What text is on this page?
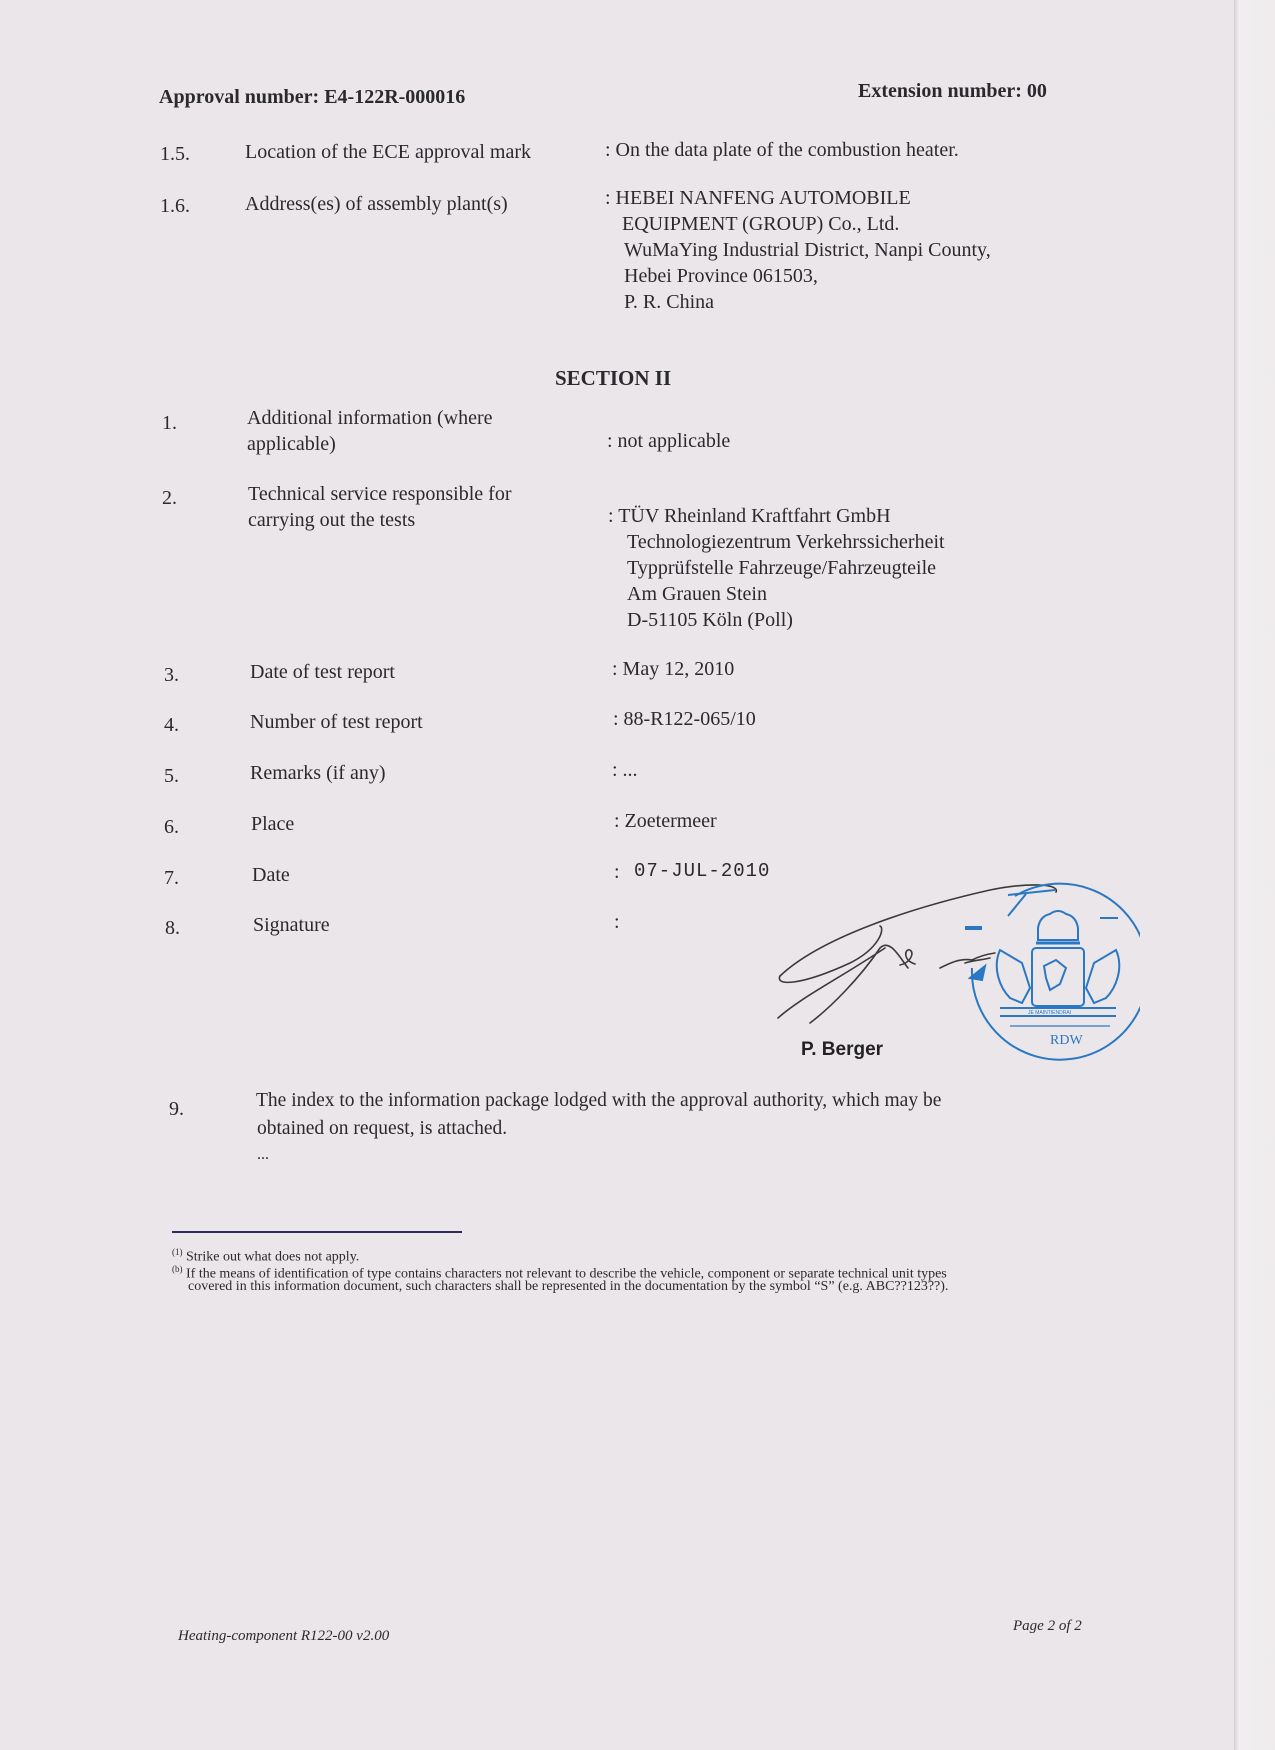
Approval number: E4-122R-000016	Extension number: 00
1.5.	Location of the ECE approval mark	: On the data plate of the combustion heater.
1.6.	Address(es) of assembly plant(s)	: HEBEI NANFENG AUTOMOBILE
EQUIPMENT (GROUP) Co., Ltd.
WuMaYing Industrial District, Nanpi County,
Hebei Province 061503,
P. R. China
SECTION II
1.	Additional information (where
applicable)	: not applicable
2.	Technical service responsible for
carrying out the tests	: TÜV Rheinland Kraftfahrt GmbH
Technologiezentrum Verkehrssicherheit
Typprüfstelle Fahrzeuge/Fahrzeugteile
Am Grauen Stein
D-51105 Köln (Poll)
3.	Date of test report	: May 12, 2010
4.	Number of test report	: 88-R122-065/10
5.	Remarks (if any)	: ...
6.	Place	: Zoetermeer
7.	Date	: 07-JUL-2010
8.	Signature	:
JE MAINTIENDRAI
RDW
P. Berger
9.	The index to the information package lodged with the approval authority, which may be
obtained on request, is attached.
...
$^{(1)}$ Strike out what does not apply.
$^{(b)}$ If the means of identification of type contains characters not relevant to describe the vehicle, component or separate technical unit types
covered in this information document, such characters shall be represented in the documentation by the symbol “S” (e.g. ABC??123??).
Heating-component R122-00 v2.00
Page 2 of 2
